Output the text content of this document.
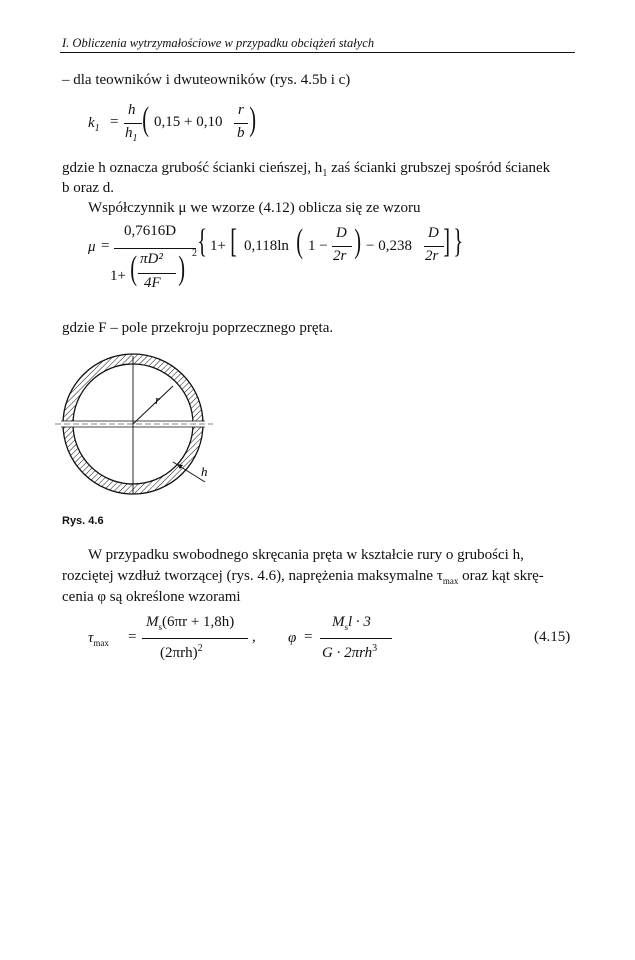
I. Obliczenia wytrzymałościowe w przypadku obciążeń stałych
– dla teowników i dwuteowników (rys. 4.5b i c)
$k_1$ =
h
$h_1$
( 0,15 + 0,10
r
b )
gdzie h oznacza grubość ścianki cieńszej, $h_1$ zaś ścianki grubszej spośród ścianek
b oraz d.
Współczynnik μ we wzorze (4.12) oblicza się ze wzoru
μ =
0,7616D
1+ ( πD²
4F ) 2 { 1+ [ 0,118ln ( 1 −
D
2r ) − 0,238
D
2r ] }
gdzie F – pole przekroju poprzecznego pręta.
r
h
Rys. 4.6
W przypadku swobodnego skręcania pręta w kształcie rury o grubości h,
rozciętej wzdłuż tworzącej (rys. 4.6), naprężenia maksymalne $\tau_{max}$ oraz kąt skrę-
cenia φ są określone wzorami
$\tau_{max}$ =
$M_s(6\pi r + 1,8h)$
$(2\pi rh)^2$
, φ =
$M_sl \cdot 3$
G · 2πrh$^3$
(4.15)
